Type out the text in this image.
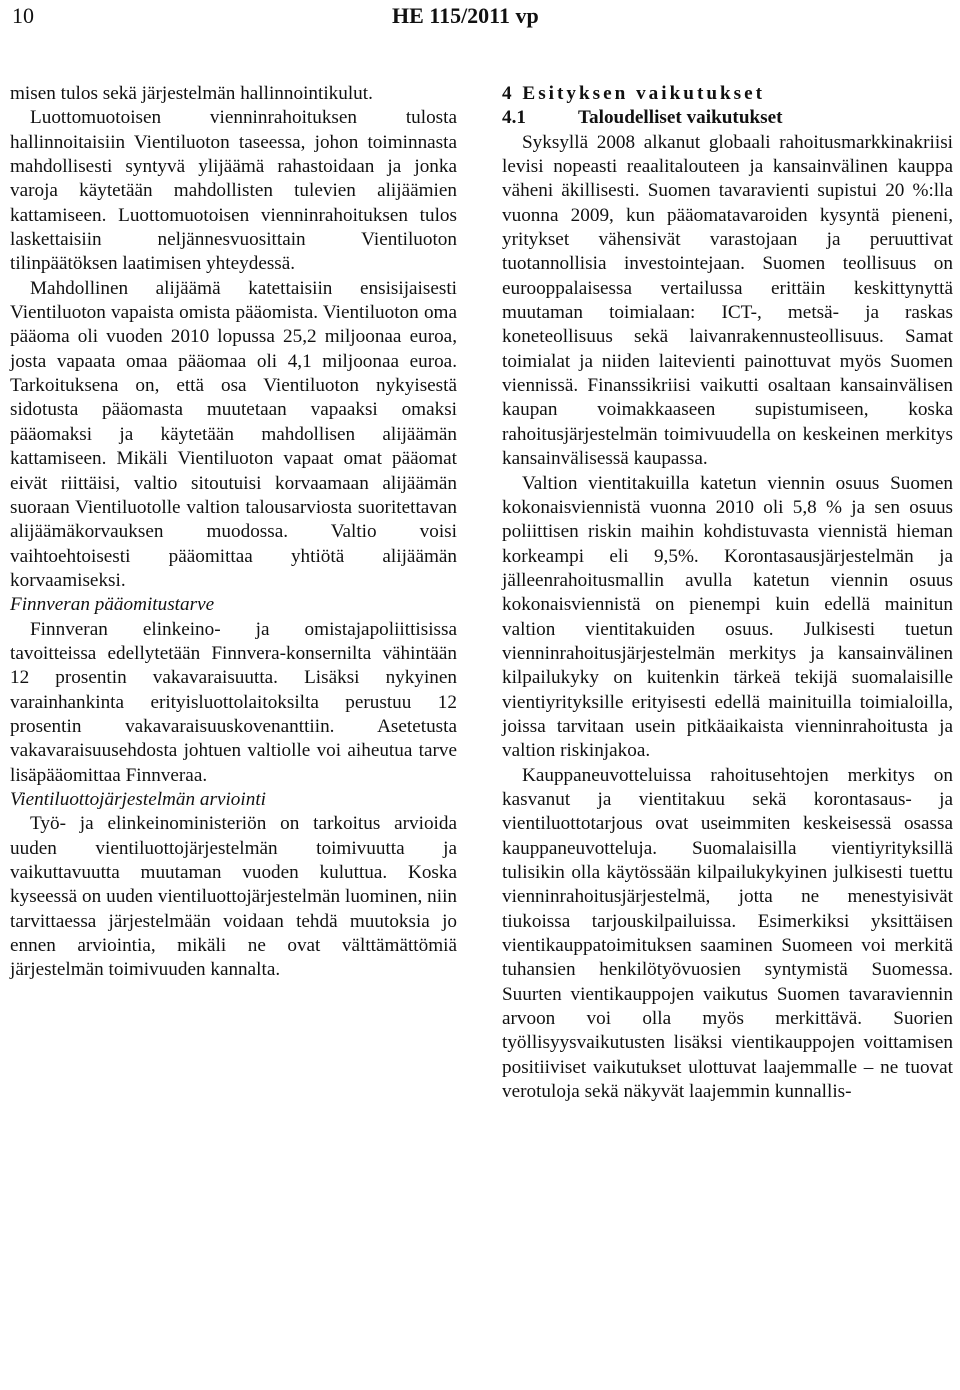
10	HE 115/2011 vp

misen tulos sekä järjestelmän hallinnointikulut.

Luottomuotoisen vienninrahoituksen tulosta hallinnoitaisiin Vientiluoton taseessa, johon toiminnasta mahdollisesti syntyvä ylijäämä rahastoidaan ja jonka varoja käytetään mahdollisten tulevien alijäämien kattamiseen. Luottomuotoisen vienninrahoituksen tulos laskettaisiin neljännesvuosittain Vientiluoton tilinpäätöksen laatimisen yhteydessä.

Mahdollinen alijäämä katettaisiin ensisijaisesti Vientiluoton vapaista omista pääomista. Vientiluoton oma pääoma oli vuoden 2010 lopussa 25,2 miljoonaa euroa, josta vapaata omaa pääomaa oli 4,1 miljoonaa euroa. Tarkoituksena on, että osa Vientiluoton nykyisestä sidotusta pääomasta muutetaan vapaaksi omaksi pääomaksi ja käytetään mahdollisen alijäämän kattamiseen. Mikäli Vientiluoton vapaat omat pääomat eivät riittäisi, valtio sitoutuisi korvaamaan alijäämän suoraan Vientiluotolle valtion talousarviosta suoritettavan alijäämäkorvauksen muodossa. Valtio voisi vaihtoehtoisesti pääomittaa yhtiötä alijäämän korvaamiseksi.

Finnveran pääomitustarve

Finnveran elinkeino- ja omistajapoliittisissa tavoitteissa edellytetään Finnvera-konsernilta vähintään 12 prosentin vakavaraisuutta. Lisäksi nykyinen varainhankinta erityisluottolaitoksilta perustuu 12 prosentin vakavaraisuuskovenanttiin. Asetetusta vakavaraisuusehdosta johtuen valtiolle voi aiheutua tarve lisäpääomittaa Finnveraa.

Vientiluottojärjestelmän arviointi

Työ- ja elinkeinoministeriön on tarkoitus arvioida uuden vientiluottojärjestelmän toimivuutta ja vaikuttavuutta muutaman vuoden kuluttua. Koska kyseessä on uuden vientiluottojärjestelmän luominen, niin tarvittaessa järjestelmään voidaan tehdä muutoksia jo ennen arviointia, mikäli ne ovat välttämättömiä järjestelmän toimivuuden kannalta.

4 Esityksen vaikutukset

4.1	Taloudelliset vaikutukset

Syksyllä 2008 alkanut globaali rahoitusmarkkinakriisi levisi nopeasti reaalitalouteen ja kansainvälinen kauppa väheni äkillisesti. Suomen tavaravienti supistui 20 %:lla vuonna 2009, kun pääomatavaroiden kysyntä pieneni, yritykset vähensivät varastojaan ja peruuttivat tuotannollisia investointejaan. Suomen teollisuus on eurooppalaisessa vertailussa erittäin keskittynyttä muutaman toimialaan: ICT-, metsä- ja raskas koneteollisuus sekä laivanrakennusteollisuus. Samat toimialat ja niiden laitevienti painottuvat myös Suomen viennissä. Finanssikriisi vaikutti osaltaan kansainvälisen kaupan voimakkaaseen supistumiseen, koska rahoitusjärjestelmän toimivuudella on keskeinen merkitys kansainvälisessä kaupassa.

Valtion vientitakuilla katetun viennin osuus Suomen kokonaisviennistä vuonna 2010 oli 5,8 % ja sen osuus poliittisen riskin maihin kohdistuvasta viennistä hieman korkeampi eli 9,5%. Korontasausjärjestelmän ja jälleenrahoitusmallin avulla katetun viennin osuus kokonaisviennistä on pienempi kuin edellä mainitun valtion vientitakuiden osuus. Julkisesti tuetun vienninrahoitusjärjestelmän merkitys ja kansainvälinen kilpailukyky on kuitenkin tärkeä tekijä suomalaisille vientiyrityksille erityisesti edellä mainituilla toimialoilla, joissa tarvitaan usein pitkäaikaista vienninrahoitusta ja valtion riskinjakoa.

Kauppaneuvotteluissa rahoitusehtojen merkitys on kasvanut ja vientitakuu sekä korontasaus- ja vientiluottotarjous ovat useimmiten keskeisessä osassa kauppaneuvotteluja. Suomalaisilla vientiyrityksillä tulisikin olla käytössään kilpailukykyinen julkisesti tuettu vienninrahoitusjärjestelmä, jotta ne menestyisivät tiukoissa tarjouskilpailuissa. Esimerkiksi yksittäisen vientikauppatoimituksen saaminen Suomeen voi merkitä tuhansien henkilötyövuosien syntymistä Suomessa. Suurten vientikauppojen vaikutus Suomen tavaraviennin arvoon voi olla myös merkittävä. Suorien työllisyysvaikutusten lisäksi vientikauppojen voittamisen positiiviset vaikutukset ulottuvat laajemmalle – ne tuovat verotuloja sekä näkyvät laajemmin kunnallis-
